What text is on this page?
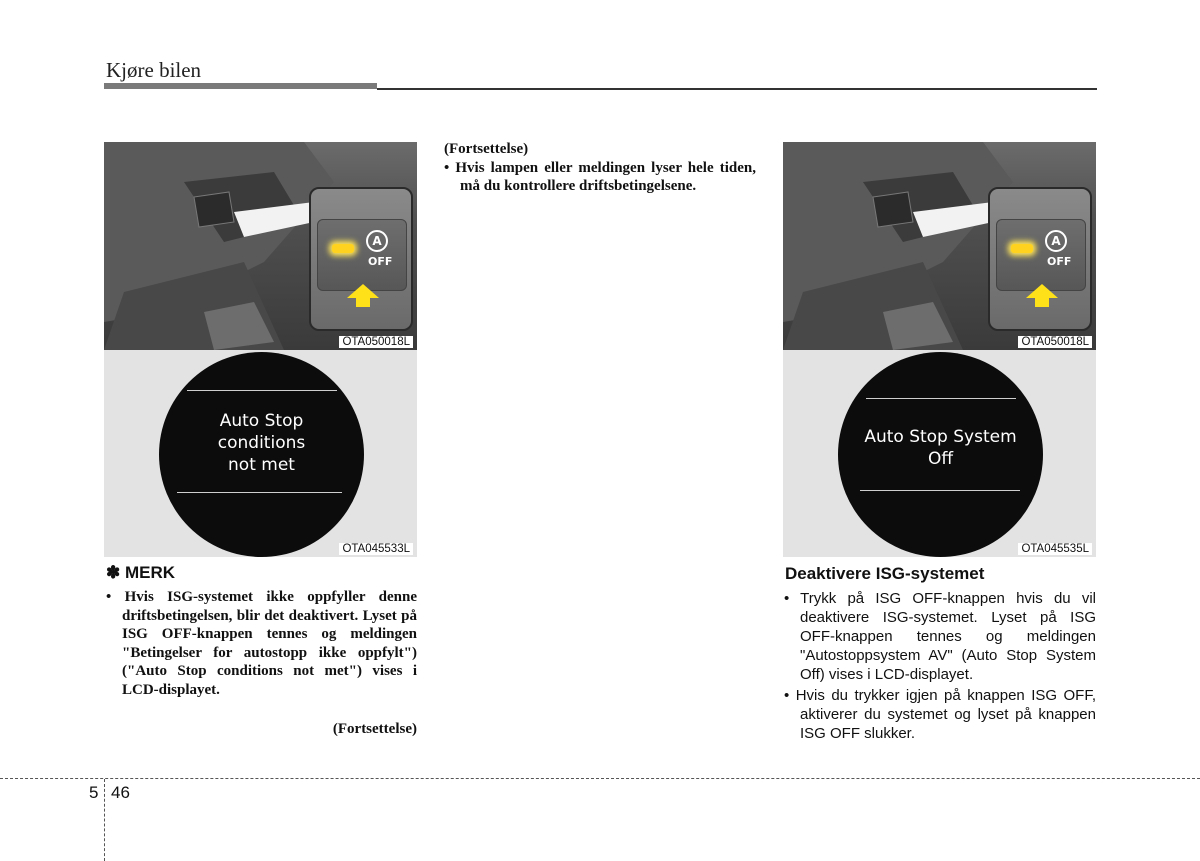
Kjøre bilen
A
OFF
OTA050018L
Auto Stop
conditions
not met
OTA045533L
✽ MERK
• Hvis ISG-systemet ikke oppfyller denne driftsbetingelsen, blir det deaktivert. Lyset på ISG OFF-knappen tennes og meldingen "Betingelser for autostopp ikke oppfylt") ("Auto Stop conditions not met") vises i LCD-displayet.
(Fortsettelse)
(Fortsettelse)
• Hvis lampen eller meldingen lyser hele tiden, må du kontrollere driftsbetingelsene.
A
OFF
OTA050018L
Auto Stop System
Off
OTA045535L
Deaktivere ISG-systemet
• Trykk på ISG OFF-knappen hvis du vil deaktivere ISG-systemet. Lyset på ISG OFF-knappen tennes og meldingen "Autostoppsystem AV" (Auto Stop System Off) vises i LCD-displayet.
• Hvis du trykker igjen på knappen ISG OFF, aktiverer du systemet og lyset på knappen ISG OFF slukker.
5 46
